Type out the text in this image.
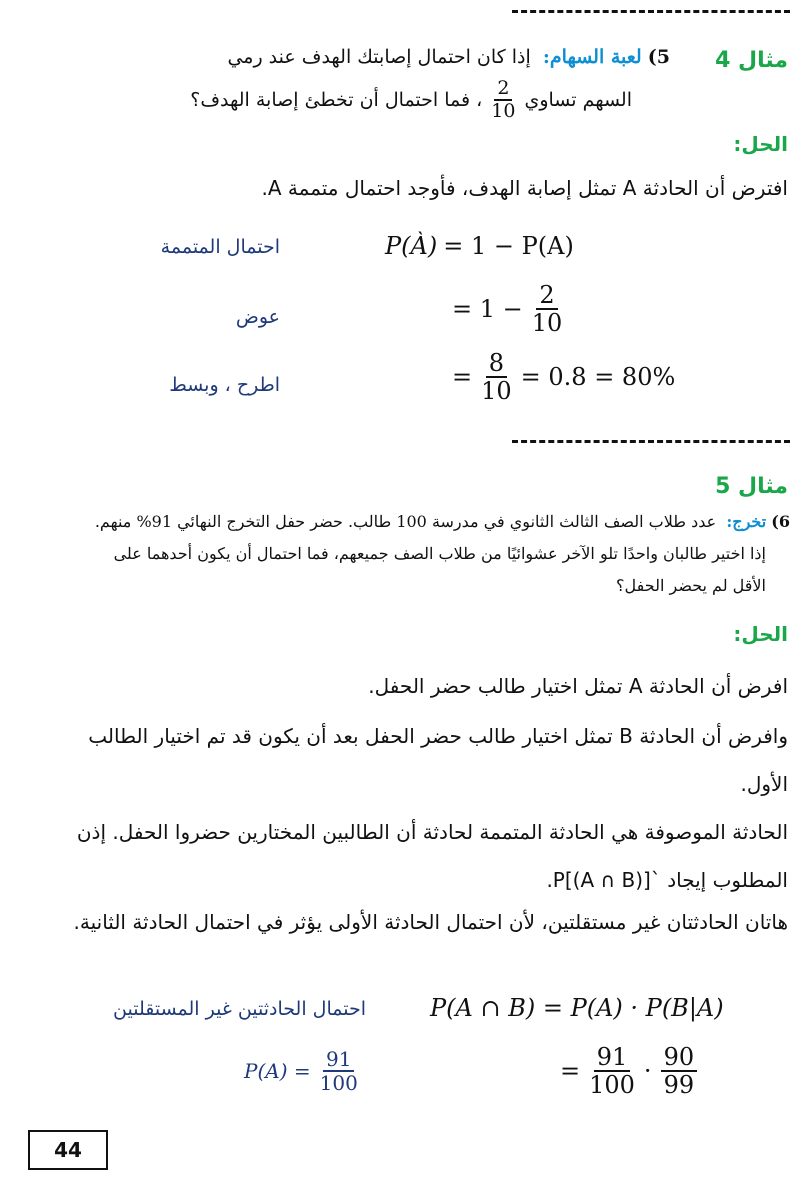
مثال 4
5) لعبة السهام:  إذا كان احتمال إصابتك الهدف عند رمي
السهم تساوي
$\frac{2}{10}$
، فما احتمال أن تخطئ إصابة الهدف؟
الحل:
افترض أن الحادثة A تمثل إصابة الهدف، فأوجد احتمال متممة A.
احتمال المتممة	P(À) = 1 − P(A)
عوض	= $1 - \frac{2}{10}$
اطرح ، وبسط	= $\frac{8}{10} = 0.8 = 80\%$
مثال 5
6) تخرج:  عدد طلاب الصف الثالث الثانوي في مدرسة 100 طالب. حضر حفل التخرج النهائي 91% منهم.
إذا اختير طالبان واحدًا تلو الآخر عشوائيًا من طلاب الصف جميعهم، فما احتمال أن يكون أحدهما على
الأقل لم يحضر الحفل؟
الحل:
افرض أن الحادثة A تمثل اختيار طالب حضر الحفل.
وافرض أن الحادثة B تمثل اختيار طالب حضر الحفل بعد أن يكون قد تم اختيار الطالب
الأول.
الحادثة الموصوفة هي الحادثة المتممة لحادثة أن الطالبين المختارين حضروا الحفل. إذن
المطلوب إيجاد `[(A ∩ B)]P.
هاتان الحادثتان غير مستقلتين، لأن احتمال الحادثة الأولى يؤثر في احتمال الحادثة الثانية.
احتمال الحادثتين غير المستقلتين	P(A ∩ B) = P(A) · P(B|A)
$P(A) = \frac{91}{100}$	= $\frac{91}{100} \cdot \frac{90}{99}$
44
